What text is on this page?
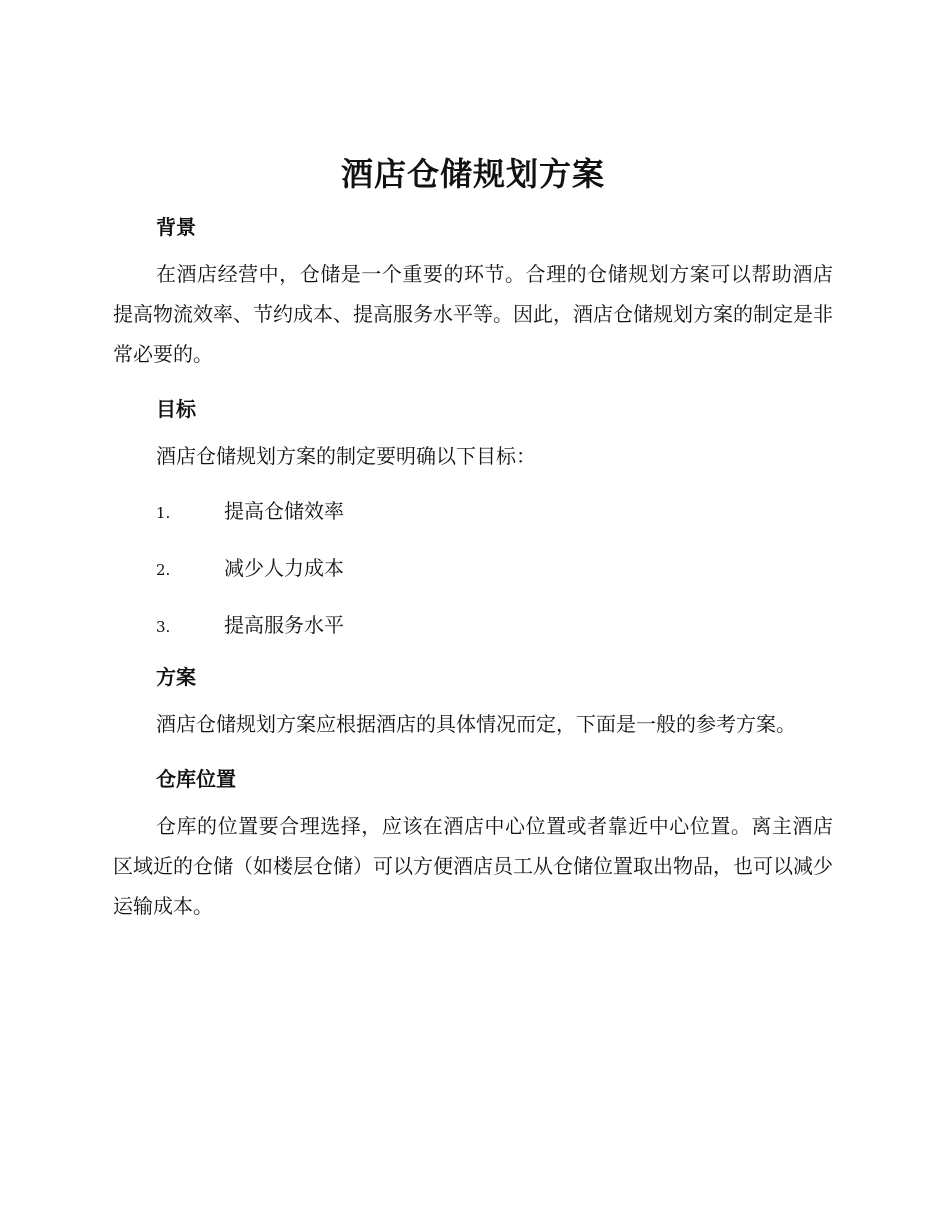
酒店仓储规划方案
背景

在酒店经营中，仓储是一个重要的环节。合理的仓储规划方案可以帮助酒店提高物流效率、节约成本、提高服务水平等。因此，酒店仓储规划方案的制定是非常必要的。

目标

酒店仓储规划方案的制定要明确以下目标：

1.	提高仓储效率
2.	减少人力成本
3.	提高服务水平
方案

酒店仓储规划方案应根据酒店的具体情况而定，下面是一般的参考方案。

仓库位置

仓库的位置要合理选择，应该在酒店中心位置或者靠近中心位置。离主酒店区域近的仓储（如楼层仓储）可以方便酒店员工从仓储位置取出物品，也可以减少运输成本。
